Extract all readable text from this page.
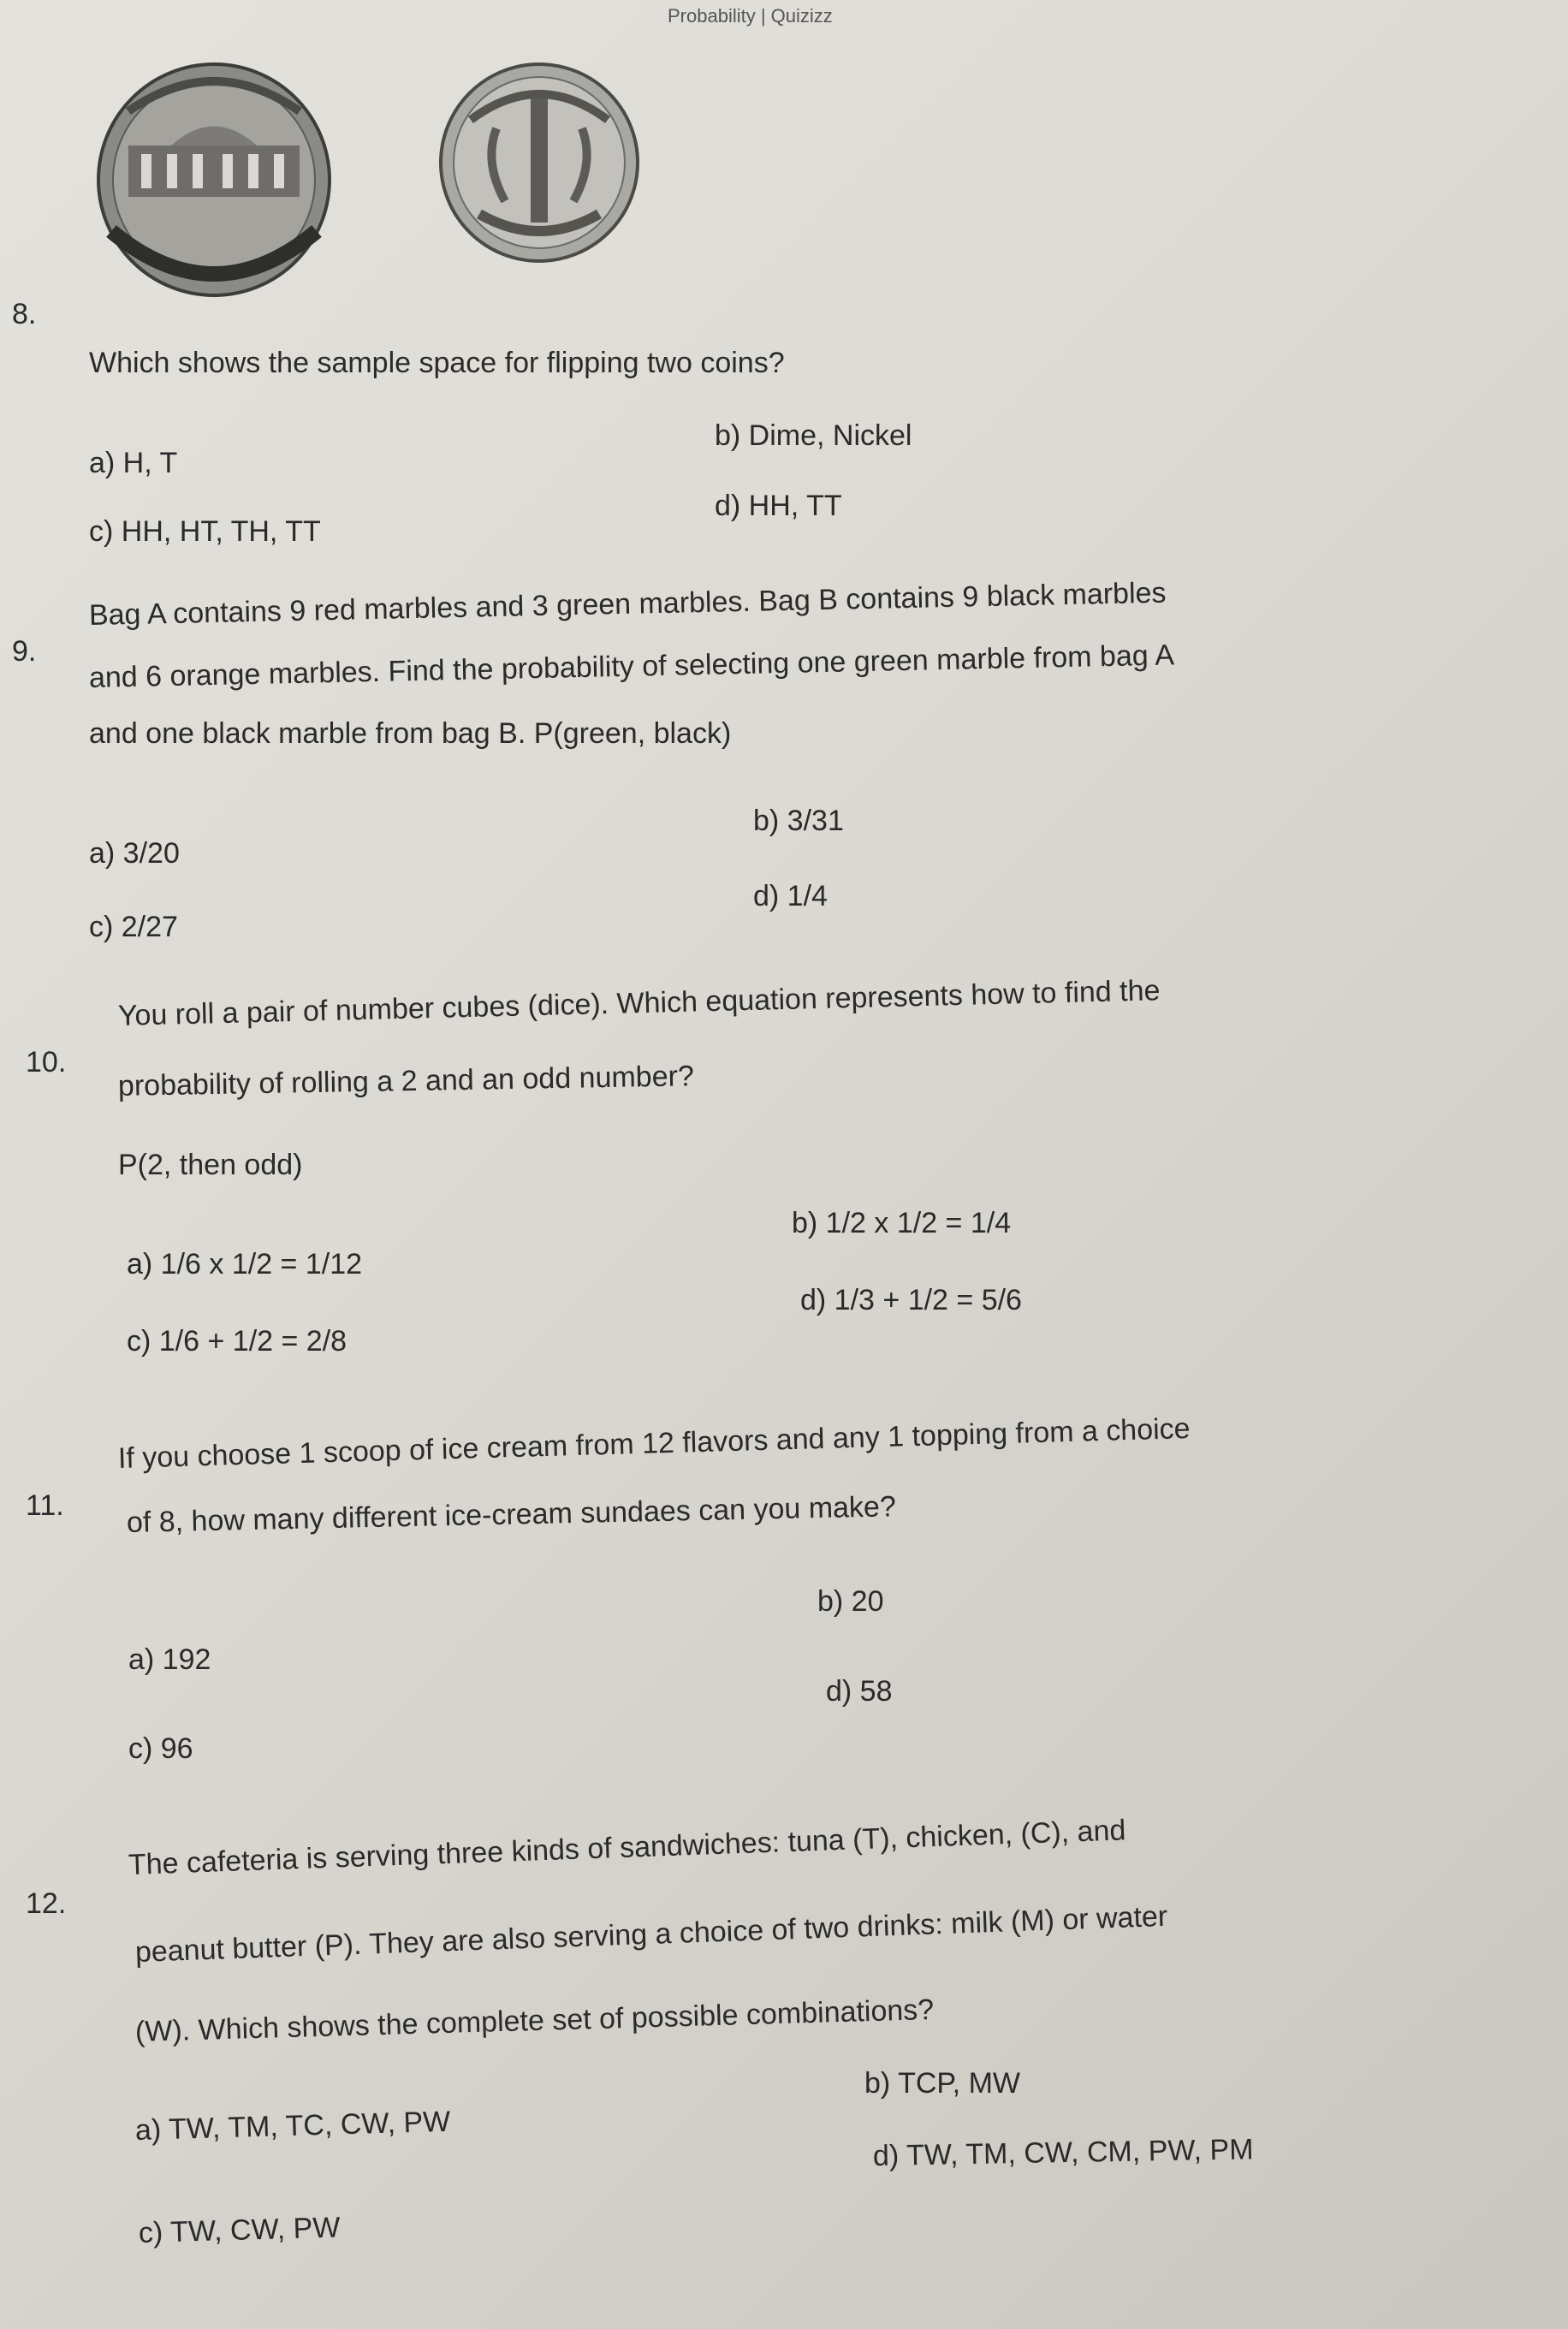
Probability | Quizizz
8.
Which shows the sample space for flipping two coins?
a) H, T
b) Dime, Nickel
c) HH, HT, TH, TT
d) HH, TT
9.
Bag A contains 9 red marbles and 3 green marbles. Bag B contains 9 black marbles
and 6 orange marbles. Find the probability of selecting one green marble from bag A
and one black marble from bag B. P(green, black)
a) 3/20
b) 3/31
c) 2/27
d) 1/4
10.
You roll a pair of number cubes (dice). Which equation represents how to find the
probability of rolling a 2 and an odd number?
P(2, then odd)
a) 1/6 x 1/2 = 1/12
b) 1/2 x 1/2 = 1/4
c) 1/6 + 1/2 = 2/8
d) 1/3 + 1/2 = 5/6
11.
If you choose 1 scoop of ice cream from 12 flavors and any 1 topping from a choice
of 8, how many different ice-cream sundaes can you make?
a) 192
b) 20
c) 96
d) 58
12.
The cafeteria is serving three kinds of sandwiches: tuna (T), chicken, (C), and
peanut butter (P). They are also serving a choice of two drinks: milk (M) or water
(W). Which shows the complete set of possible combinations?
a) TW, TM, TC, CW, PW
b) TCP, MW
c) TW, CW, PW
d) TW, TM, CW, CM, PW, PM
